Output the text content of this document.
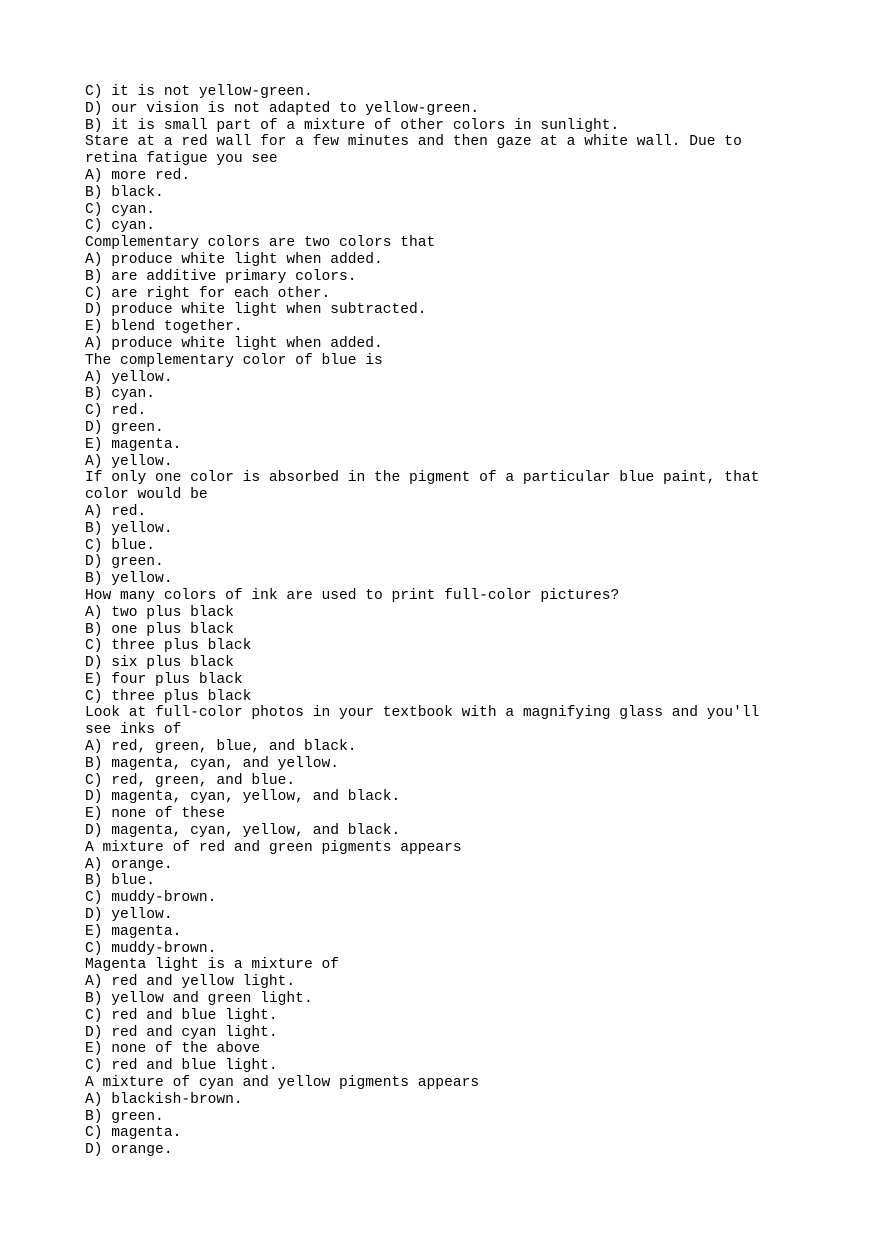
C) it is not yellow-green.
D) our vision is not adapted to yellow-green.
B) it is small part of a mixture of other colors in sunlight.
Stare at a red wall for a few minutes and then gaze at a white wall. Due to
retina fatigue you see
A) more red.
B) black.
C) cyan.
C) cyan.
Complementary colors are two colors that
A) produce white light when added.
B) are additive primary colors.
C) are right for each other.
D) produce white light when subtracted.
E) blend together.
A) produce white light when added.
The complementary color of blue is
A) yellow.
B) cyan.
C) red.
D) green.
E) magenta.
A) yellow.
If only one color is absorbed in the pigment of a particular blue paint, that
color would be
A) red.
B) yellow.
C) blue.
D) green.
B) yellow.
How many colors of ink are used to print full-color pictures?
A) two plus black
B) one plus black
C) three plus black
D) six plus black
E) four plus black
C) three plus black
Look at full-color photos in your textbook with a magnifying glass and you'll
see inks of
A) red, green, blue, and black.
B) magenta, cyan, and yellow.
C) red, green, and blue.
D) magenta, cyan, yellow, and black.
E) none of these
D) magenta, cyan, yellow, and black.
A mixture of red and green pigments appears
A) orange.
B) blue.
C) muddy-brown.
D) yellow.
E) magenta.
C) muddy-brown.
Magenta light is a mixture of
A) red and yellow light.
B) yellow and green light.
C) red and blue light.
D) red and cyan light.
E) none of the above
C) red and blue light.
A mixture of cyan and yellow pigments appears
A) blackish-brown.
B) green.
C) magenta.
D) orange.
